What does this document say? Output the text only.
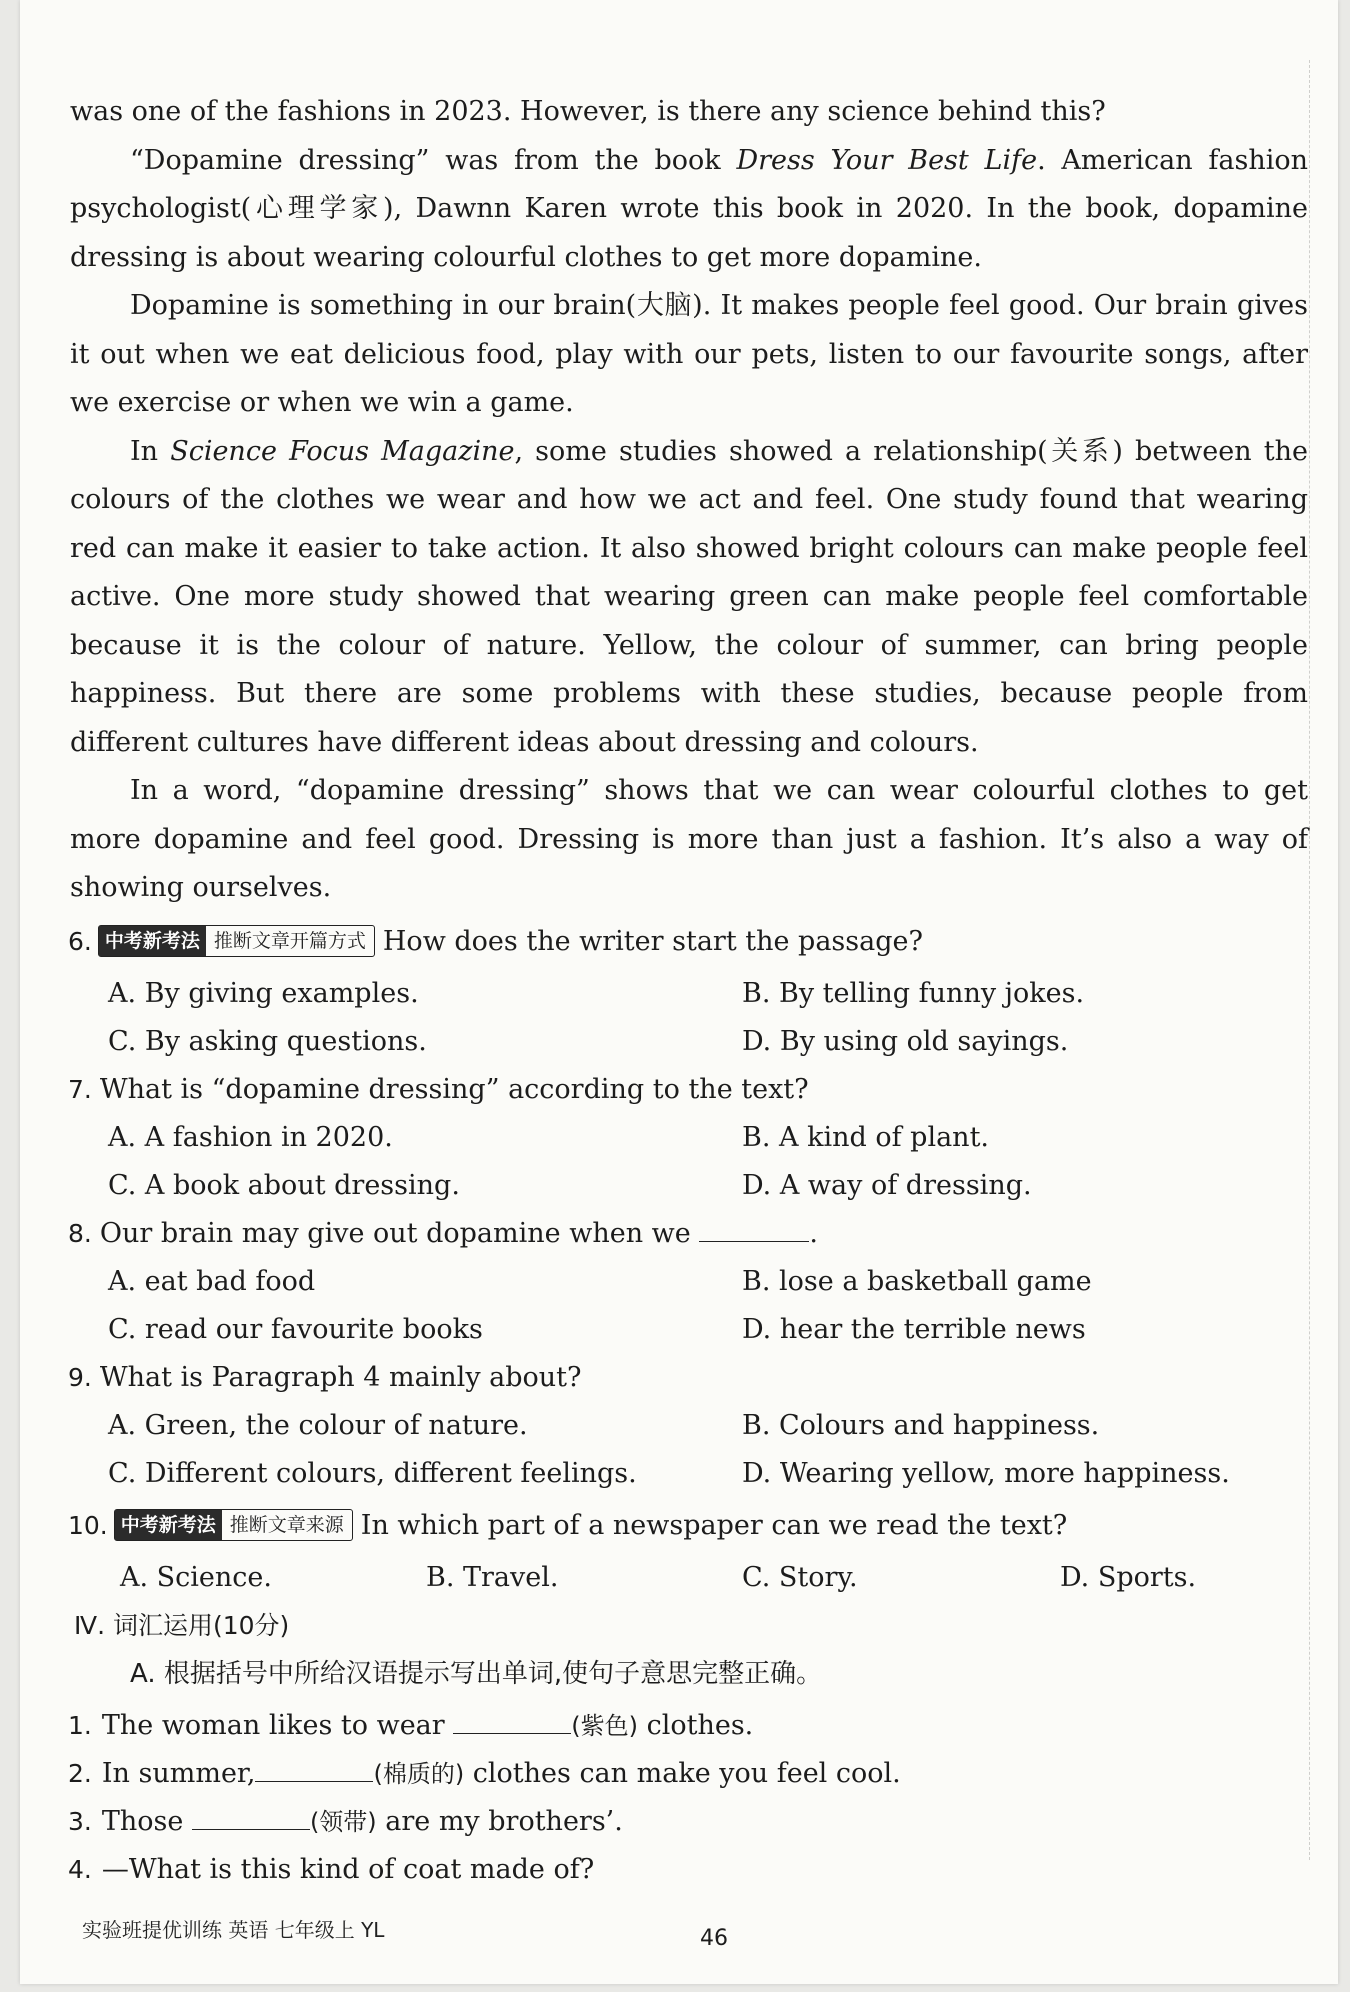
was one of the fashions in 2023. However, is there any science behind this?

“Dopamine dressing” was from the book Dress Your Best Life. American fashion psychologist(心理学家), Dawnn Karen wrote this book in 2020. In the book, dopamine dressing is about wearing colourful clothes to get more dopamine.

Dopamine is something in our brain(大脑). It makes people feel good. Our brain gives it out when we eat delicious food, play with our pets, listen to our favourite songs, after we exercise or when we win a game.

In Science Focus Magazine, some studies showed a relationship(关系) between the colours of the clothes we wear and how we act and feel. One study found that wearing red can make it easier to take action. It also showed bright colours can make people feel active. One more study showed that wearing green can make people feel comfortable because it is the colour of nature. Yellow, the colour of summer, can bring people happiness. But there are some problems with these studies, because people from different cultures have different ideas about dressing and colours.

In a word, “dopamine dressing” shows that we can wear colourful clothes to get more dopamine and feel good. Dressing is more than just a fashion. It’s also a way of showing ourselves.

6. 中考新考法 推断文章开篇方式 How does the writer start the passage?
A. By giving examples.	B. By telling funny jokes.
C. By asking questions.	D. By using old sayings.
7. What is “dopamine dressing” according to the text?
A. A fashion in 2020.	B. A kind of plant.
C. A book about dressing.	D. A way of dressing.
8. Our brain may give out dopamine when we	.
A. eat bad food	B. lose a basketball game
C. read our favourite books	D. hear the terrible news
9. What is Paragraph 4 mainly about?
A. Green, the colour of nature.	B. Colours and happiness.
C. Different colours, different feelings.	D. Wearing yellow, more happiness.
10. 中考新考法 推断文章来源 In which part of a newspaper can we read the text?
A. Science.	B. Travel.	C. Story.	D. Sports.
Ⅳ. 词汇运用(10分)
A. 根据括号中所给汉语提示写出单词,使句子意思完整正确。
1. The woman likes to wear	(紫色) clothes.
2. In summer,	(棉质的) clothes can make you feel cool.
3. Those	(领带) are my brothers’.
4. —What is this kind of coat made of?
实验班提优训练 英语 七年级上 YL	46
